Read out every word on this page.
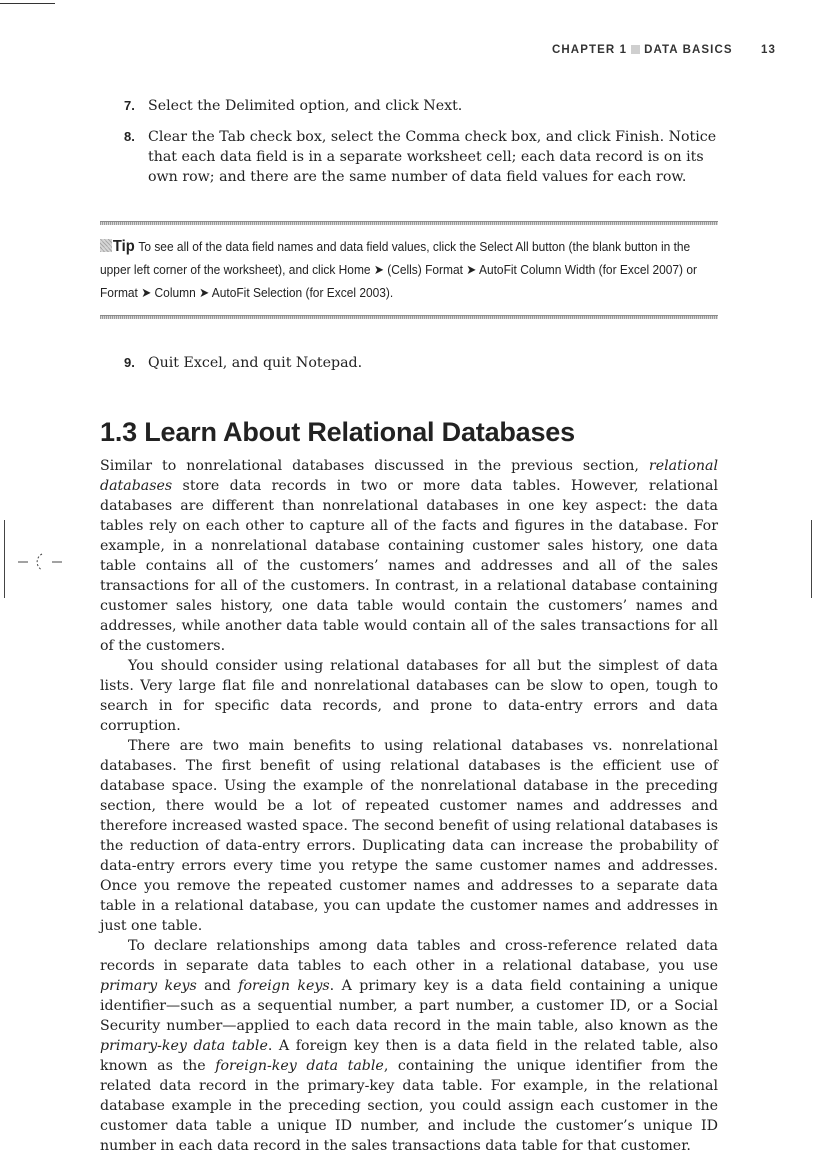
CHAPTER 1 DATA BASICS 13
7. Select the Delimited option, and click Next.
8. Clear the Tab check box, select the Comma check box, and click Finish. Notice that each data field is in a separate worksheet cell; each data record is on its own row; and there are the same number of data field values for each row.
Tip To see all of the data field names and data field values, click the Select All button (the blank button in the upper left corner of the worksheet), and click Home ➤ (Cells) Format ➤ AutoFit Column Width (for Excel 2007) or Format ➤ Column ➤ AutoFit Selection (for Excel 2003).
9. Quit Excel, and quit Notepad.
1.3 Learn About Relational Databases

Similar to nonrelational databases discussed in the previous section, relational databases store data records in two or more data tables. However, relational databases are different than nonrelational databases in one key aspect: the data tables rely on each other to capture all of the facts and figures in the database. For example, in a nonrelational database containing customer sales history, one data table contains all of the customers’ names and addresses and all of the sales transactions for all of the customers. In contrast, in a relational database containing customer sales history, one data table would contain the customers’ names and addresses, while another data table would contain all of the sales transactions for all of the customers.

You should consider using relational databases for all but the simplest of data lists. Very large flat file and nonrelational databases can be slow to open, tough to search in for specific data records, and prone to data-entry errors and data corruption.

There are two main benefits to using relational databases vs. nonrelational databases. The first benefit of using relational databases is the efficient use of database space. Using the example of the nonrelational database in the preceding section, there would be a lot of repeated customer names and addresses and therefore increased wasted space. The second benefit of using relational databases is the reduction of data-entry errors. Duplicating data can increase the probability of data-entry errors every time you retype the same customer names and addresses. Once you remove the repeated customer names and addresses to a separate data table in a relational database, you can update the customer names and addresses in just one table.

To declare relationships among data tables and cross-reference related data records in separate data tables to each other in a relational database, you use primary keys and foreign keys. A primary key is a data field containing a unique identifier—such as a sequential number, a part number, a customer ID, or a Social Security number—applied to each data record in the main table, also known as the primary-key data table. A foreign key then is a data field in the related table, also known as the foreign-key data table, containing the unique identifier from the related data record in the primary-key data table. For example, in the relational database example in the preceding section, you could assign each customer in the customer data table a unique ID number, and include the customer’s unique ID number in each data record in the sales transactions data table for that customer.
